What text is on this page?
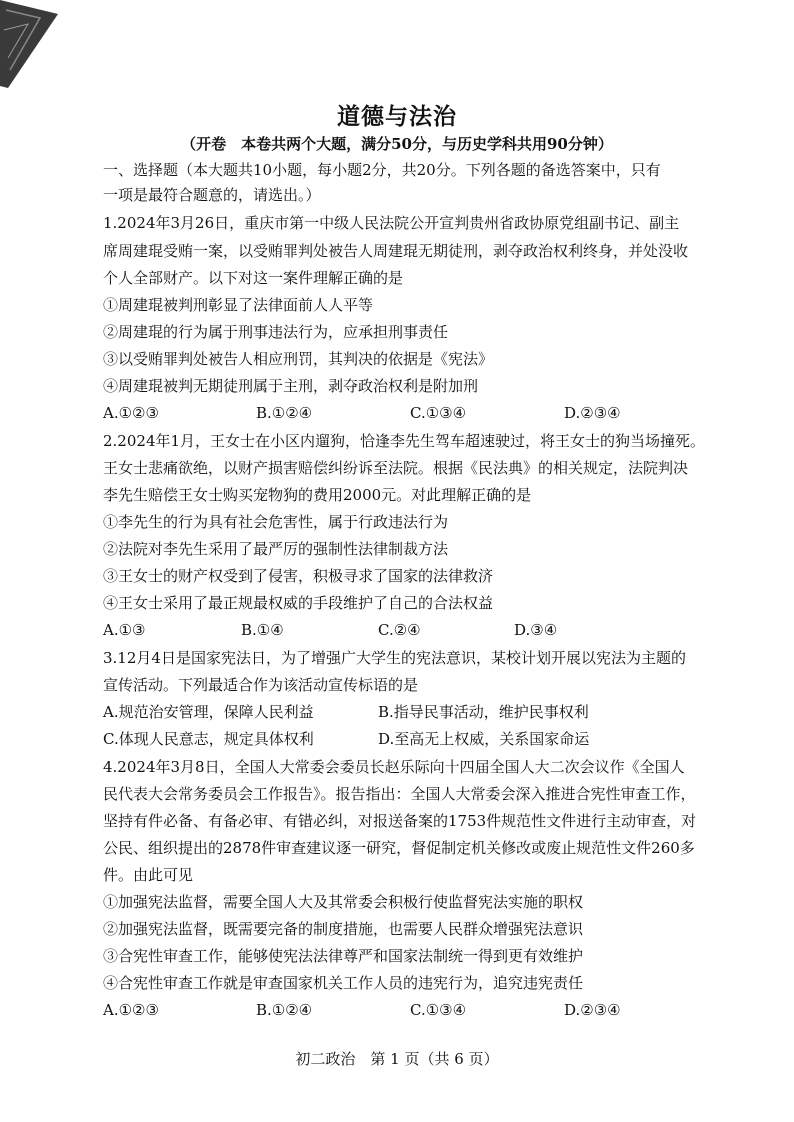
道德与法治
（开卷　本卷共两个大题，满分50分，与历史学科共用90分钟）
一、选择题（本大题共10小题，每小题2分，共20分。下列各题的备选答案中，只有
一项是最符合题意的，请选出。）
1.2024年3月26日，重庆市第一中级人民法院公开宣判贵州省政协原党组副书记、副主
席周建琨受贿一案，以受贿罪判处被告人周建琨无期徒刑，剥夺政治权利终身，并处没收
个人全部财产。以下对这一案件理解正确的是
①周建琨被判刑彰显了法律面前人人平等
②周建琨的行为属于刑事违法行为，应承担刑事责任
③以受贿罪判处被告人相应刑罚，其判决的依据是《宪法》
④周建琨被判无期徒刑属于主刑，剥夺政治权利是附加刑
A.①②③	B.①②④	C.①③④	D.②③④
2.2024年1月，王女士在小区内遛狗，恰逢李先生驾车超速驶过，将王女士的狗当场撞死。
王女士悲痛欲绝，以财产损害赔偿纠纷诉至法院。根据《民法典》的相关规定，法院判决
李先生赔偿王女士购买宠物狗的费用2000元。对此理解正确的是
①李先生的行为具有社会危害性，属于行政违法行为
②法院对李先生采用了最严厉的强制性法律制裁方法
③王女士的财产权受到了侵害，积极寻求了国家的法律救济
④王女士采用了最正规最权威的手段维护了自己的合法权益
A.①③	B.①④	C.②④	D.③④
3.12月4日是国家宪法日，为了增强广大学生的宪法意识，某校计划开展以宪法为主题的
宣传活动。下列最适合作为该活动宣传标语的是
A.规范治安管理，保障人民利益	B.指导民事活动，维护民事权利
C.体现人民意志，规定具体权利	D.至高无上权威，关系国家命运
4.2024年3月8日，全国人大常委会委员长赵乐际向十四届全国人大二次会议作《全国人
民代表大会常务委员会工作报告》。报告指出：全国人大常委会深入推进合宪性审查工作，
坚持有件必备、有备必审、有错必纠，对报送备案的1753件规范性文件进行主动审查，对
公民、组织提出的2878件审查建议逐一研究，督促制定机关修改或废止规范性文件260多
件。由此可见
①加强宪法监督，需要全国人大及其常委会积极行使监督宪法实施的职权
②加强宪法监督，既需要完备的制度措施，也需要人民群众增强宪法意识
③合宪性审查工作，能够使宪法法律尊严和国家法制统一得到更有效维护
④合宪性审查工作就是审查国家机关工作人员的违宪行为，追究违宪责任
A.①②③	B.①②④	C.①③④	D.②③④
初二政治　第 1 页（共 6 页）
